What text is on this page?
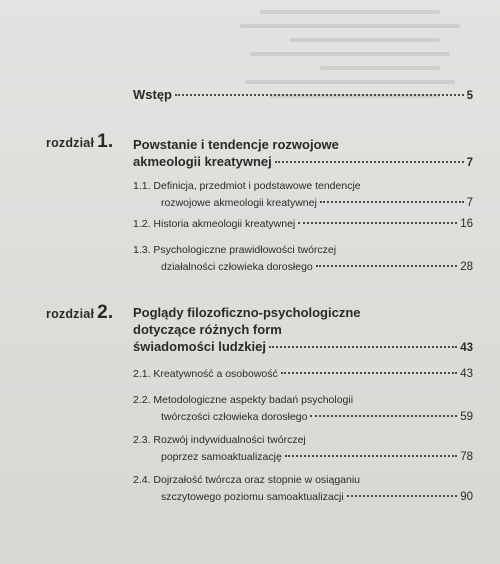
Wstęp	5
rozdział 1. Powstanie i tendencje rozwojowe
akmeologii kreatywnej	7
1.1. Definicja, przedmiot i podstawowe tendencje
rozwojowe akmeologii kreatywnej	7
1.2. Historia akmeologii kreatywnej	16
1.3. Psychologiczne prawidłowości twórczej
działalności człowieka dorosłego	28
rozdział 2. Poglądy filozoficzno-psychologiczne
dotyczące różnych form
świadomości ludzkiej	43
2.1. Kreatywność a osobowość	43
2.2. Metodologiczne aspekty badań psychologii
twórczości człowieka dorosłego	59
2.3. Rozwój indywidualności twórczej
poprzez samoaktualizację	78
2.4. Dojrzałość twórcza oraz stopnie w osiąganiu
szczytowego poziomu samoaktualizacji	90
